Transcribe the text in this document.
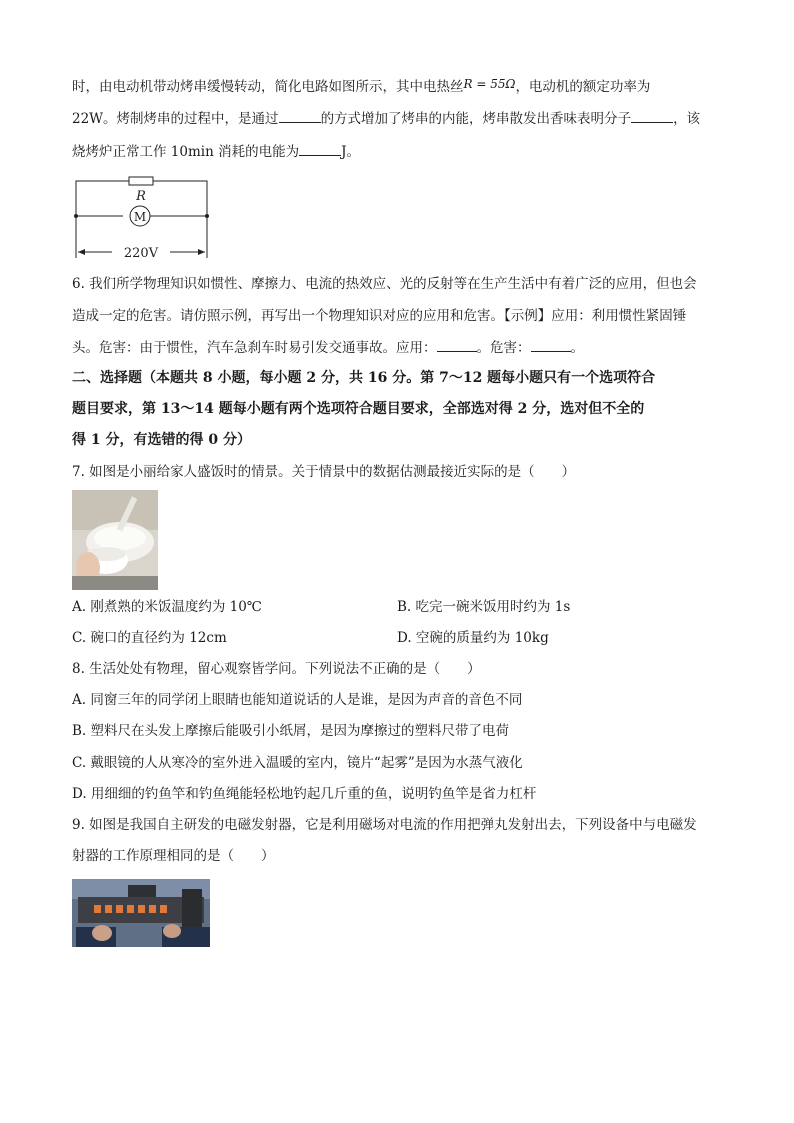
时，由电动机带动烤串缓慢转动，简化电路如图所示，其中电热丝R = 55Ω，电动机的额定功率为
22W。烤制烤串的过程中，是通过	的方式增加了烤串的内能，烤串散发出香味表明分子	，该
烧烤炉正常工作 10min 消耗的电能为	J。
R
M
220V
6. 我们所学物理知识如惯性、摩擦力、电流的热效应、光的反射等在生产生活中有着广泛的应用，但也会
造成一定的危害。请仿照示例，再写出一个物理知识对应的应用和危害。【示例】应用：利用惯性紧固锤
头。危害：由于惯性，汽车急刹车时易引发交通事故。应用：	。危害：	。
二、选择题（本题共 8 小题，每小题 2 分，共 16 分。第 7～12 题每小题只有一个选项符合
题目要求，第 13～14 题每小题有两个选项符合题目要求，全部选对得 2 分，选对但不全的
得 1 分，有选错的得 0 分）
7. 如图是小丽给家人盛饭时的情景。关于情景中的数据估测最接近实际的是（　　）
A. 刚煮熟的米饭温度约为 10℃	B. 吃完一碗米饭用时约为 1s
C. 碗口的直径约为 12cm	D. 空碗的质量约为 10kg
8. 生活处处有物理，留心观察皆学问。下列说法不正确的是（　　）
A. 同窗三年的同学闭上眼睛也能知道说话的人是谁，是因为声音的音色不同
B. 塑料尺在头发上摩擦后能吸引小纸屑，是因为摩擦过的塑料尺带了电荷
C. 戴眼镜的人从寒冷的室外进入温暖的室内，镜片“起雾”是因为水蒸气液化
D. 用细细的钓鱼竿和钓鱼绳能轻松地钓起几斤重的鱼，说明钓鱼竿是省力杠杆
9. 如图是我国自主研发的电磁发射器，它是利用磁场对电流的作用把弹丸发射出去，下列设备中与电磁发
射器的工作原理相同的是（　　）
